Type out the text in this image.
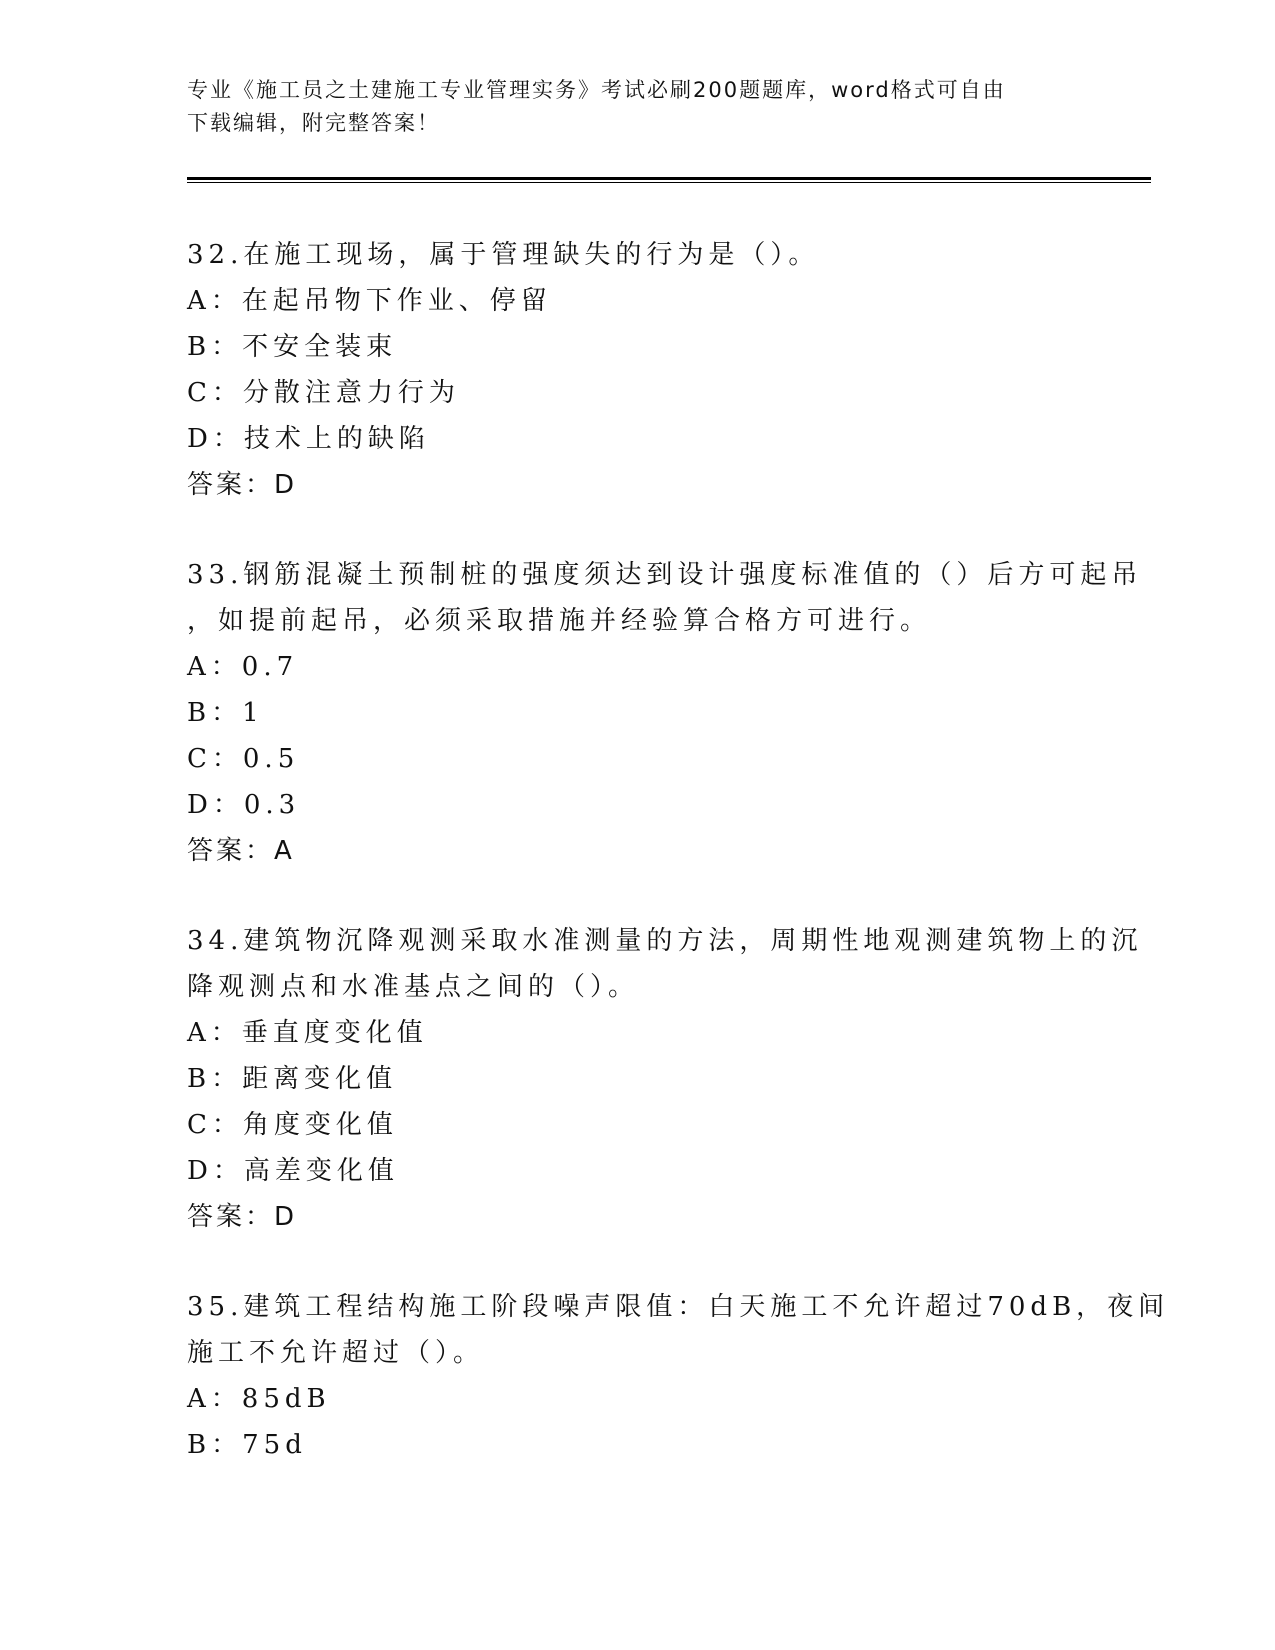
专业《施工员之土建施工专业管理实务》考试必刷200题题库，word格式可自由

下载编辑，附完整答案！

32.在施工现场，属于管理缺失的行为是（）。
A：在起吊物下作业、停留
B：不安全装束
C：分散注意力行为
D：技术上的缺陷
答案：D
33.钢筋混凝土预制桩的强度须达到设计强度标准值的（）后方可起吊
，如提前起吊，必须采取措施并经验算合格方可进行。
A：0.7
B：1
C：0.5
D：0.3
答案：A
34.建筑物沉降观测采取水准测量的方法，周期性地观测建筑物上的沉
降观测点和水准基点之间的（）。
A：垂直度变化值
B：距离变化值
C：角度变化值
D：高差变化值
答案：D
35.建筑工程结构施工阶段噪声限值：白天施工不允许超过70dB，夜间
施工不允许超过（）。
A：85dB
B：75d
